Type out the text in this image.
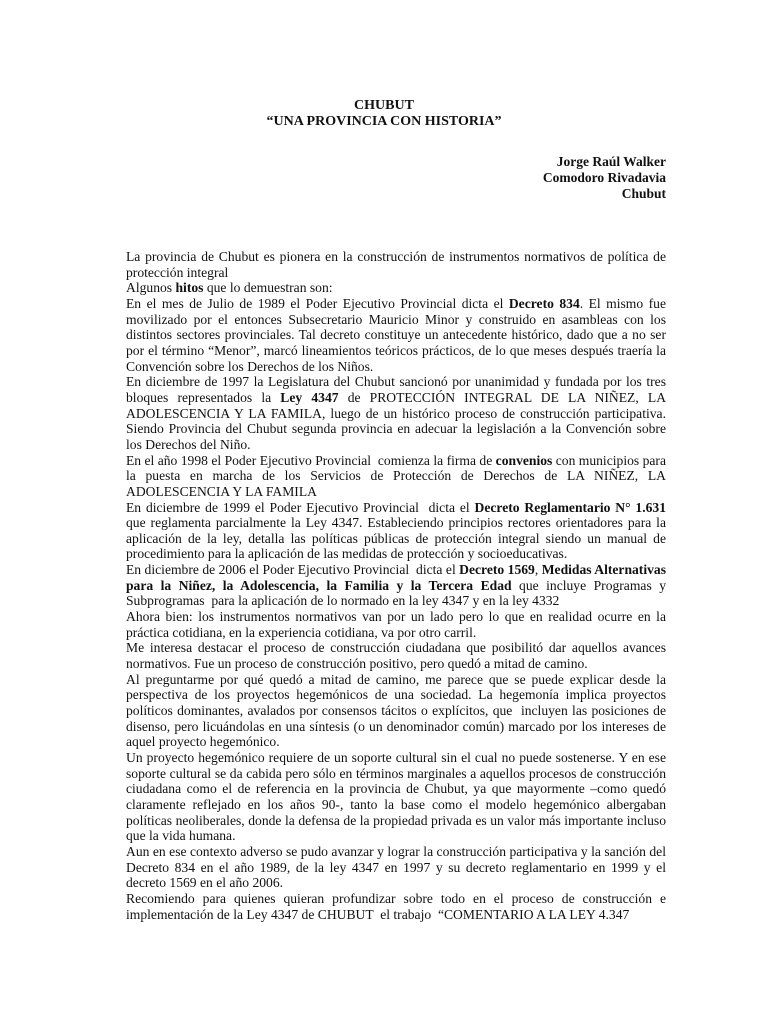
CHUBUT
“UNA PROVINCIA CON HISTORIA”
Jorge Raúl Walker
Comodoro Rivadavia
Chubut

La provincia de Chubut es pionera en la construcción de instrumentos normativos de política de protección integral

Algunos hitos que lo demuestran son:

En el mes de Julio de 1989 el Poder Ejecutivo Provincial dicta el Decreto 834. El mismo fue movilizado por el entonces Subsecretario Mauricio Minor y construido en asambleas con los distintos sectores provinciales. Tal decreto constituye un antecedente histórico, dado que a no ser por el término “Menor”, marcó lineamientos teóricos prácticos, de lo que meses después traería la Convención sobre los Derechos de los Niños.

En diciembre de 1997 la Legislatura del Chubut sancionó por unanimidad y fundada por los tres bloques representados la Ley 4347 de PROTECCIÓN INTEGRAL DE LA NIÑEZ, LA ADOLESCENCIA Y LA FAMILA, luego de un histórico proceso de construcción participativa. Siendo Provincia del Chubut segunda provincia en adecuar la legislación a la Convención sobre los Derechos del Niño.

En el año 1998 el Poder Ejecutivo Provincial  comienza la firma de convenios con municipios para la puesta en marcha de los Servicios de Protección de Derechos de LA NIÑEZ, LA ADOLESCENCIA Y LA FAMILA

En diciembre de 1999 el Poder Ejecutivo Provincial  dicta el Decreto Reglamentario N° 1.631 que reglamenta parcialmente la Ley 4347. Estableciendo principios rectores orientadores para la aplicación de la ley, detalla las políticas públicas de protección integral siendo un manual de procedimiento para la aplicación de las medidas de protección y socioeducativas.

En diciembre de 2006 el Poder Ejecutivo Provincial  dicta el Decreto 1569, Medidas Alternativas para la Niñez, la Adolescencia, la Familia y la Tercera Edad que incluye Programas y Subprogramas  para la aplicación de lo normado en la ley 4347 y en la ley 4332

Ahora bien: los instrumentos normativos van por un lado pero lo que en realidad ocurre en la práctica cotidiana, en la experiencia cotidiana, va por otro carril.

Me interesa destacar el proceso de construcción ciudadana que posibilitó dar aquellos avances normativos. Fue un proceso de construcción positivo, pero quedó a mitad de camino.

Al preguntarme por qué quedó a mitad de camino, me parece que se puede explicar desde la perspectiva de los proyectos hegemónicos de una sociedad. La hegemonía implica proyectos políticos dominantes, avalados por consensos tácitos o explícitos, que  incluyen las posiciones de disenso, pero licuándolas en una síntesis (o un denominador común) marcado por los intereses de aquel proyecto hegemónico.

Un proyecto hegemónico requiere de un soporte cultural sin el cual no puede sostenerse. Y en ese soporte cultural se da cabida pero sólo en términos marginales a aquellos procesos de construcción ciudadana como el de referencia en la provincia de Chubut, ya que mayormente –como quedó claramente reflejado en los años 90-, tanto la base como el modelo hegemónico albergaban políticas neoliberales, donde la defensa de la propiedad privada es un valor más importante incluso que la vida humana.

Aun en ese contexto adverso se pudo avanzar y lograr la construcción participativa y la sanción del Decreto 834 en el año 1989, de la ley 4347 en 1997 y su decreto reglamentario en 1999 y el decreto 1569 en el año 2006.

Recomiendo para quienes quieran profundizar sobre todo en el proceso de construcción e implementación de la Ley 4347 de CHUBUT  el trabajo  “COMENTARIO A LA LEY 4.347
